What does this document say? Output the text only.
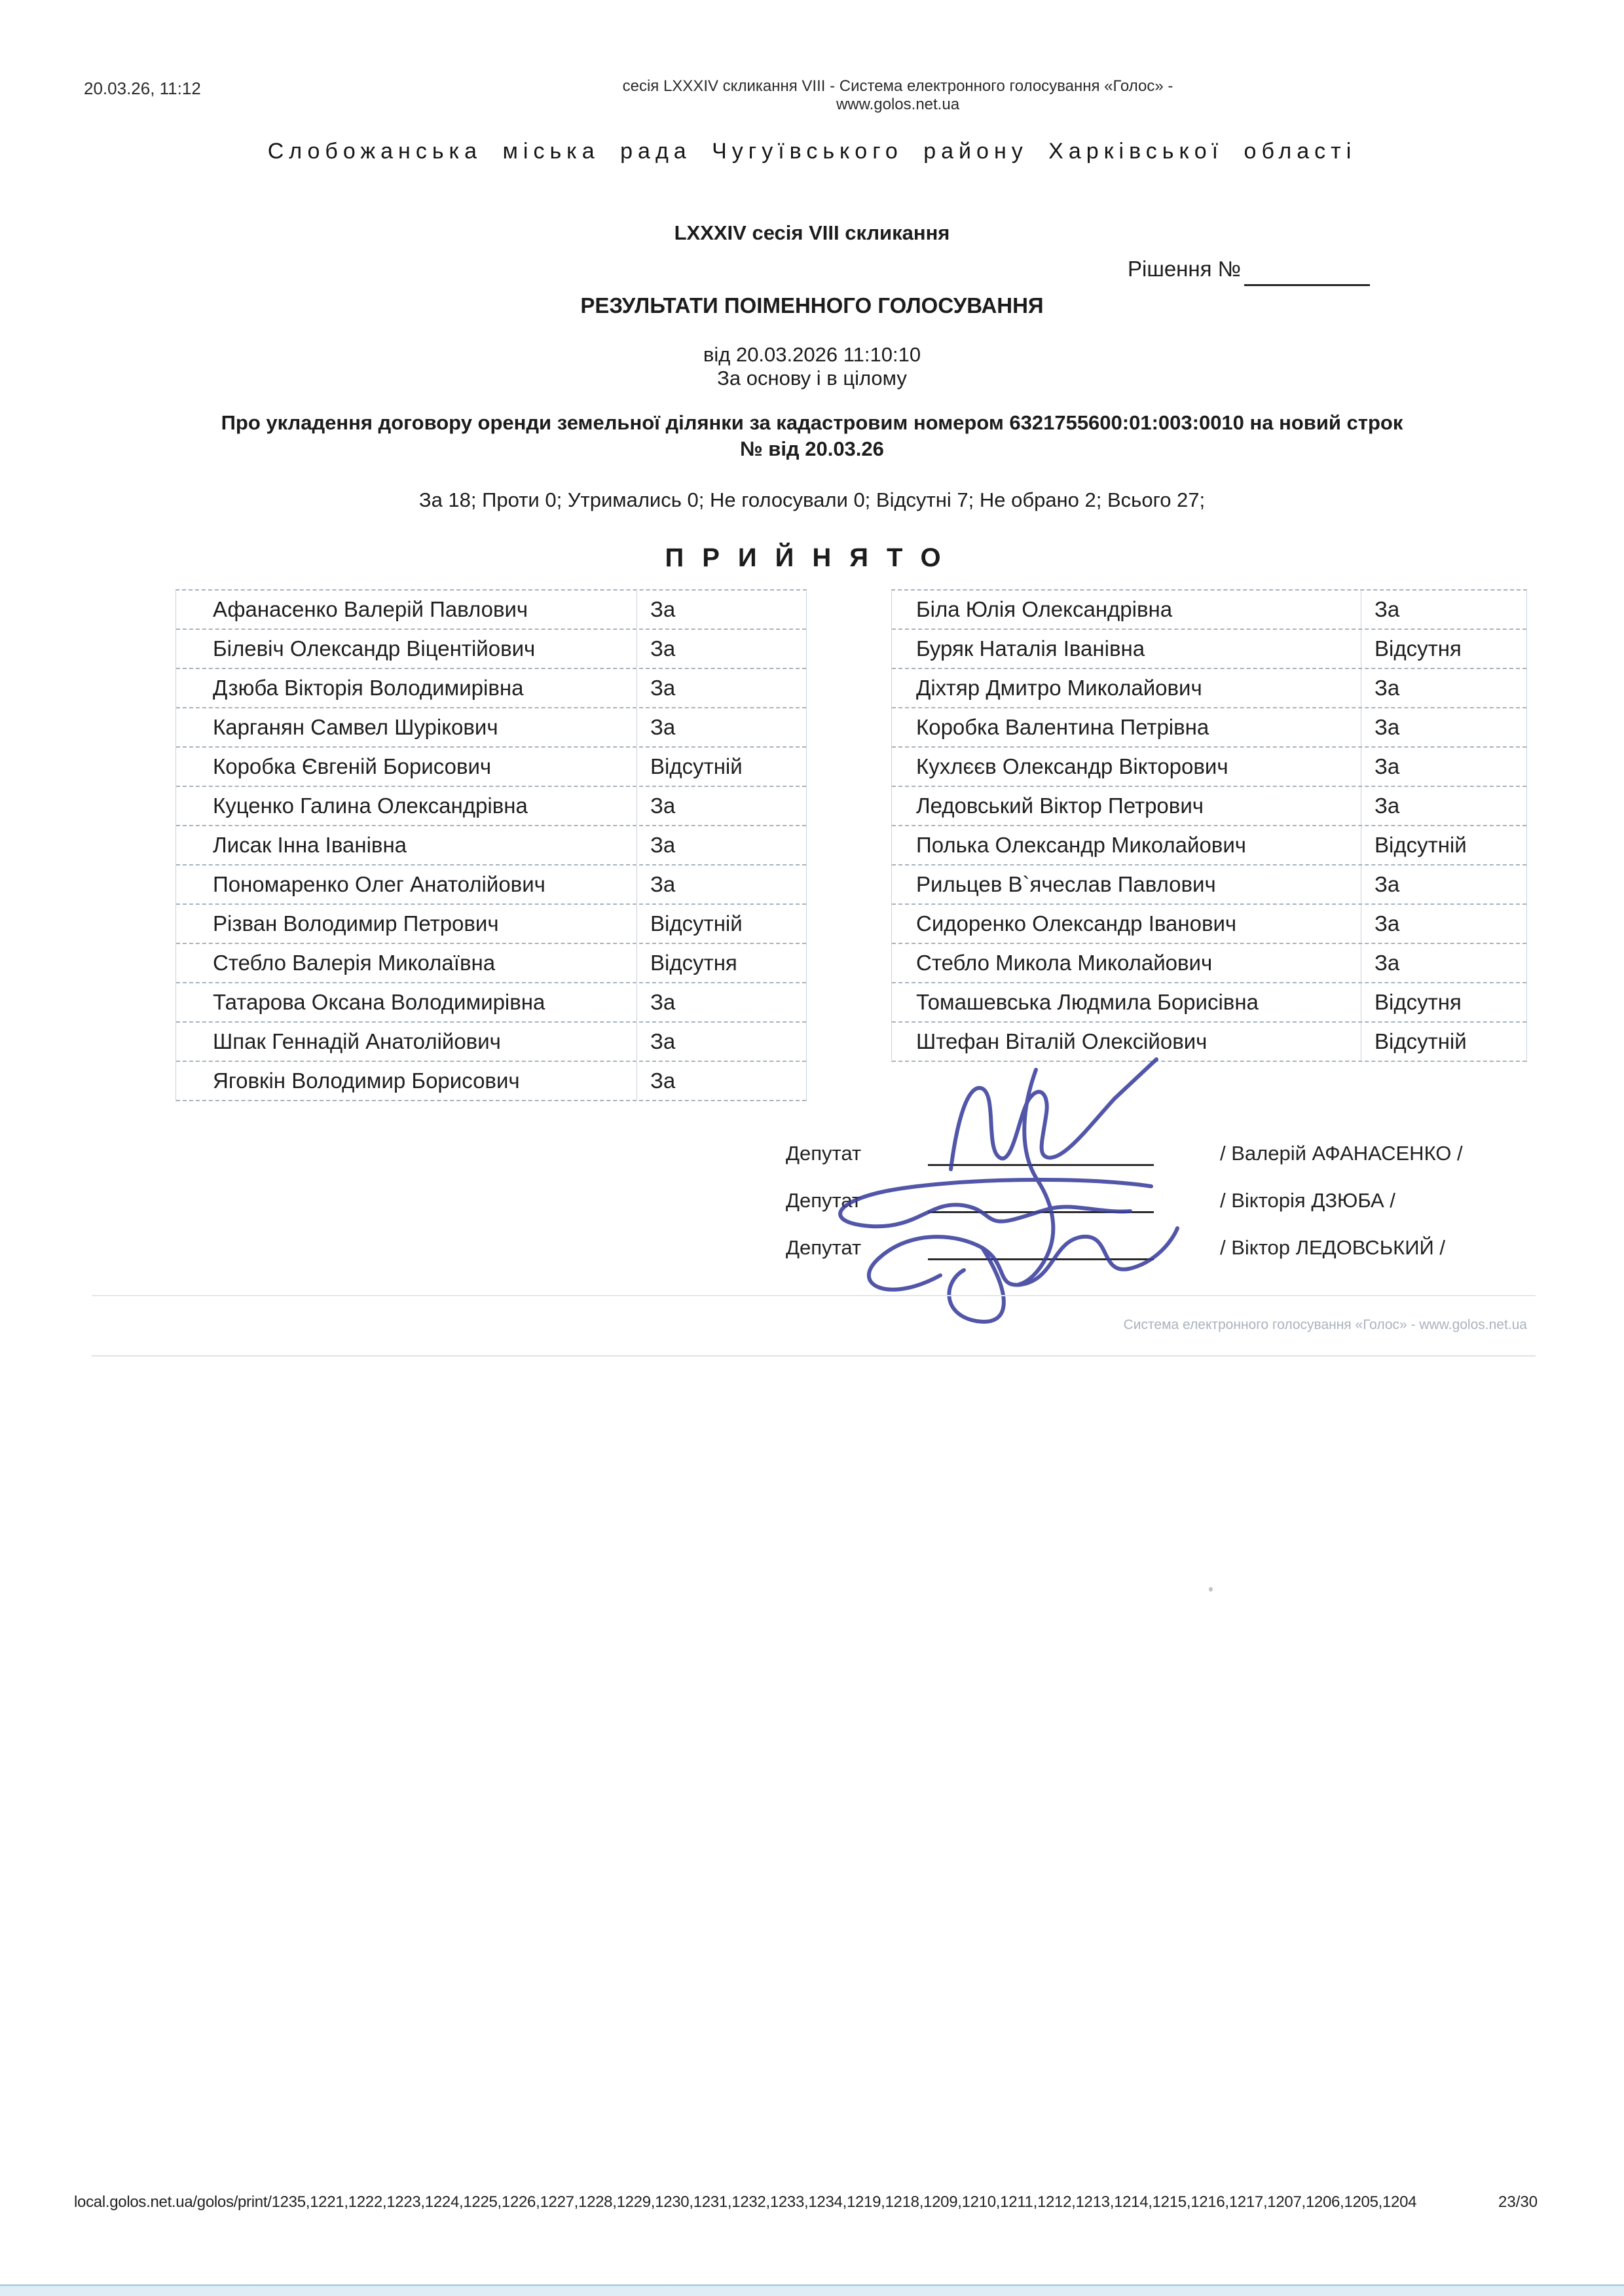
20.03.26, 11:12	сесія LXXXIV скликання VIII - Система електронного голосування «Голос» - www.golos.net.ua
Слобожанська міська рада Чугуївського району Харківської області
LXXXIV сесія VIII скликання
Рішення №
РЕЗУЛЬТАТИ ПОІМЕННОГО ГОЛОСУВАННЯ
від 20.03.2026 11:10:10
За основу і в цілому
Про укладення договору оренди земельної ділянки за кадастровим номером 6321755600:01:003:0010 на новий строк
№ від 20.03.26
За 18; Проти 0; Утримались 0; Не голосували 0; Відсутні 7; Не обрано 2; Всього 27;
ПРИЙНЯТО
Афанасенко Валерій Павлович	За
Білевіч Олександр Віцентійович	За
Дзюба Вікторія Володимирівна	За
Карганян Самвел Шурікович	За
Коробка Євгеній Борисович	Відсутній
Куценко Галина Олександрівна	За
Лисак Інна Іванівна	За
Пономаренко Олег Анатолійович	За
Різван Володимир Петрович	Відсутній
Стебло Валерія Миколаївна	Відсутня
Татарова Оксана Володимирівна	За
Шпак Геннадій Анатолійович	За
Яговкін Володимир Борисович	За
Біла Юлія Олександрівна	За
Буряк Наталія Іванівна	Відсутня
Діхтяр Дмитро Миколайович	За
Коробка Валентина Петрівна	За
Кухлєєв Олександр Вікторович	За
Ледовський Віктор Петрович	За
Полька Олександр Миколайович	Відсутній
Рильцев В`ячеслав Павлович	За
Сидоренко Олександр Іванович	За
Стебло Микола Миколайович	За
Томашевська Людмила Борисівна	Відсутня
Штефан Віталій Олексійович	Відсутній
Депутат
Депутат
Депутат
/ Валерій АФАНАСЕНКО /
/ Вікторія ДЗЮБА /
/ Віктор ЛЕДОВСЬКИЙ /
Система електронного голосування «Голос» - www.golos.net.ua
local.golos.net.ua/golos/print/1235,1221,1222,1223,1224,1225,1226,1227,1228,1229,1230,1231,1232,1233,1234,1219,1218,1209,1210,1211,1212,1213,1214,1215,1216,1217,1207,1206,1205,1204	23/30
